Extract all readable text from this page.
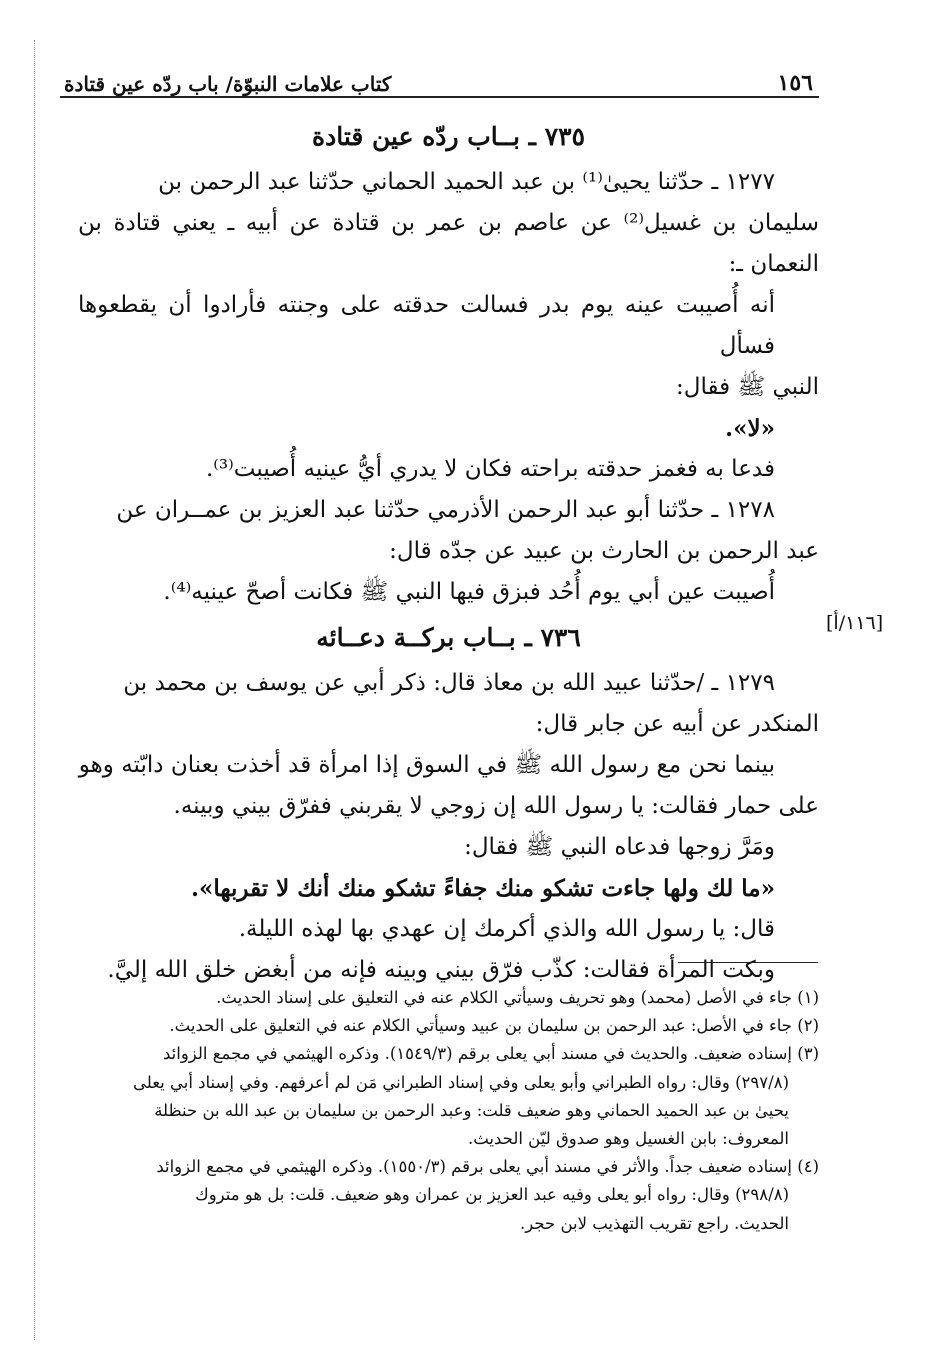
١٥٦
كتاب علامات النبوّة/ باب ردّه عين قتادة
[١١٦/أ]
٧٣٥ ـ بــاب ردّه عين قتادة

١٢٧٧ ـ حدّثنا يحيىٰ⁽¹⁾ بن عبد الحميد الحماني حدّثنا عبد الرحمن بن

سليمان بن غسيل⁽²⁾ عن عاصم بن عمر بن قتادة عن أبيه ـ يعني قتادة بن النعمان ـ:

أنه أُصيبت عينه يوم بدر فسالت حدقته على وجنته فأرادوا أن يقطعوها فسأل

النبي ﷺ فقال:

«لا».

فدعا به فغمز حدقته براحته فكان لا يدري أيُّ عينيه أُصيبت⁽³⁾.

١٢٧٨ ـ حدّثنا أبو عبد الرحمن الأذرمي حدّثنا عبد العزيز بن عمــران عن

عبد الرحمن بن الحارث بن عبيد عن جدّه قال:

أُصيبت عين أبي يوم أُحُد فبزق فيها النبي ﷺ فكانت أصحّ عينيه⁽⁴⁾.

٧٣٦ ـ بــاب بركــة دعــائه

١٢٧٩ ـ /حدّثنا عبيد الله بن معاذ قال: ذكر أبي عن يوسف بن محمد بن

المنكدر عن أبيه عن جابر قال:

بينما نحن مع رسول الله ﷺ في السوق إذا امرأة قد أخذت بعنان دابّته وهو

على حمار فقالت: يا رسول الله إن زوجي لا يقربني ففرّق بيني وبينه.

ومَرَّ زوجها فدعاه النبي ﷺ فقال:

«ما لك ولها جاءت تشكو منك جفاءً تشكو منك أنك لا تقربها».

قال: يا رسول الله والذي أكرمك إن عهدي بها لهذه الليلة.

وبكت المرأة فقالت: كذّب فرّق بيني وبينه فإنه من أبغض خلق الله إليَّ.

(١) جاء في الأصل (محمد) وهو تحريف وسيأتي الكلام عنه في التعليق على إسناد الحديث.

(٢) جاء في الأصل: عبد الرحمن بن سليمان بن عبيد وسيأتي الكلام عنه في التعليق على الحديث.

(٣) إسناده ضعيف. والحديث في مسند أبي يعلى برقم (١٥٤٩/٣). وذكره الهيثمي في مجمع الزوائد

(٢٩٧/٨) وقال: رواه الطبراني وأبو يعلى وفي إسناد الطبراني مَن لم أعرفهم. وفي إسناد أبي يعلى

يحيىٰ بن عبد الحميد الحماني وهو ضعيف قلت: وعبد الرحمن بن سليمان بن عبد الله بن حنظلة

المعروف: بابن الغسيل وهو صدوق ليّن الحديث.

(٤) إسناده ضعيف جداً. والأثر في مسند أبي يعلى برقم (١٥٥٠/٣). وذكره الهيثمي في مجمع الزوائد

(٢٩٨/٨) وقال: رواه أبو يعلى وفيه عبد العزيز بن عمران وهو ضعيف. قلت: بل هو متروك

الحديث. راجع تقريب التهذيب لابن حجر.
